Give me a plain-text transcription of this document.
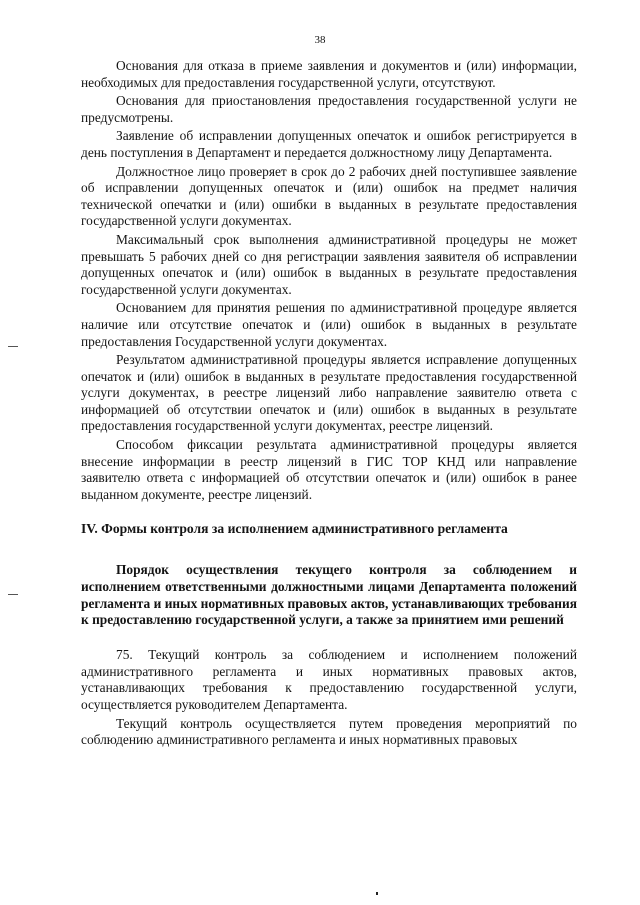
38

Основания для отказа в приеме заявления и документов и (или) информации, необходимых для предоставления государственной услуги, отсутствуют.

Основания для приостановления предоставления государственной услуги не предусмотрены.

Заявление об исправлении допущенных опечаток и ошибок регистрируется в день поступления в Департамент и передается должностному лицу Департамента.

Должностное лицо проверяет в срок до 2 рабочих дней поступившее заявление об исправлении допущенных опечаток и (или) ошибок на предмет наличия технической опечатки и (или) ошибки в выданных в результате предоставления государственной услуги документах.

Максимальный срок выполнения административной процедуры не может превышать 5 рабочих дней со дня регистрации заявления заявителя об исправлении допущенных опечаток и (или) ошибок в выданных в результате предоставления государственной услуги документах.

Основанием для принятия решения по административной процедуре является наличие или отсутствие опечаток и (или) ошибок в выданных в результате предоставления Государственной услуги документах.

Результатом административной процедуры является исправление допущенных опечаток и (или) ошибок в выданных в результате предоставления государственной услуги документах, в реестре лицензий либо направление заявителю ответа с информацией об отсутствии опечаток и (или) ошибок в выданных в результате предоставления государственной услуги документах, реестре лицензий.

Способом фиксации результата административной процедуры является внесение информации в реестр лицензий в ГИС ТОР КНД или направление заявителю ответа с информацией об отсутствии опечаток и (или) ошибок в ранее выданном документе, реестре лицензий.

IV. Формы контроля за исполнением административного регламента

Порядок осуществления текущего контроля за соблюдением и исполнением ответственными должностными лицами Департамента положений регламента и иных нормативных правовых актов, устанавливающих требования к предоставлению государственной услуги, а также за принятием ими решений

75. Текущий контроль за соблюдением и исполнением положений административного регламента и иных нормативных правовых актов, устанавливающих требования к предоставлению государственной услуги, осуществляется руководителем Департамента.

Текущий контроль осуществляется путем проведения мероприятий по соблюдению административного регламента и иных нормативных правовых
